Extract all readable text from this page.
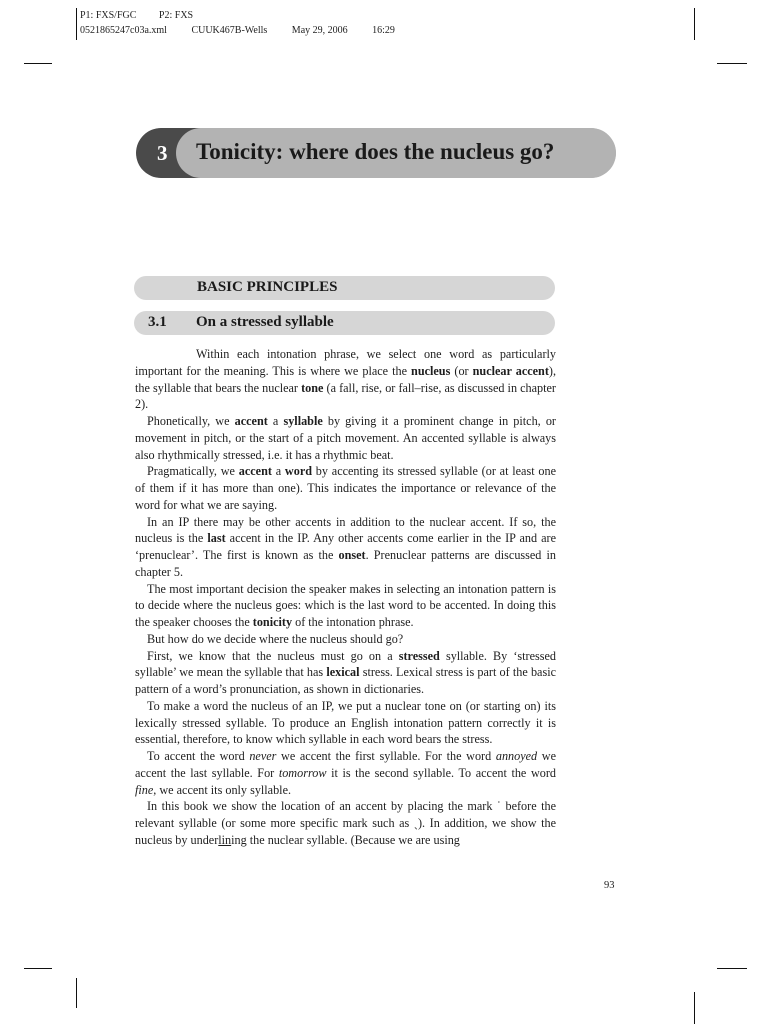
P1: FXS/FGC P2: FXS
0521865247c03a.xml CUUK467B-Wells May 29, 2006 16:29
3 Tonicity: where does the nucleus go?
BASIC PRINCIPLES
3.1 On a stressed syllable

Within each intonation phrase, we select one word as particularly important for the meaning. This is where we place the nucleus (or nuclear accent), the syllable that bears the nuclear tone (a fall, rise, or fall–rise, as discussed in chapter 2).

Phonetically, we accent a syllable by giving it a prominent change in pitch, or movement in pitch, or the start of a pitch movement. An accented syllable is always also rhythmically stressed, i.e. it has a rhythmic beat.

Pragmatically, we accent a word by accenting its stressed syllable (or at least one of them if it has more than one). This indicates the importance or relevance of the word for what we are saying.

In an IP there may be other accents in addition to the nuclear accent. If so, the nucleus is the last accent in the IP. Any other accents come earlier in the IP and are ‘prenuclear’. The first is known as the onset. Prenuclear patterns are discussed in chapter 5.

The most important decision the speaker makes in selecting an intonation pattern is to decide where the nucleus goes: which is the last word to be accented. In doing this the speaker chooses the tonicity of the intonation phrase.

But how do we decide where the nucleus should go?

First, we know that the nucleus must go on a stressed syllable. By ‘stressed syllable’ we mean the syllable that has lexical stress. Lexical stress is part of the basic pattern of a word’s pronunciation, as shown in dictionaries.

To make a word the nucleus of an IP, we put a nuclear tone on (or starting on) its lexically stressed syllable. To produce an English intonation pattern correctly it is essential, therefore, to know which syllable in each word bears the stress.

To accent the word never we accent the first syllable. For the word annoyed we accent the last syllable. For tomorrow it is the second syllable. To accent the word fine, we accent its only syllable.

In this book we show the location of an accent by placing the mark ˈ before the relevant syllable (or some more specific mark such as ˎ). In addition, we show the nucleus by underlining the nuclear syllable. (Because we are using

93
